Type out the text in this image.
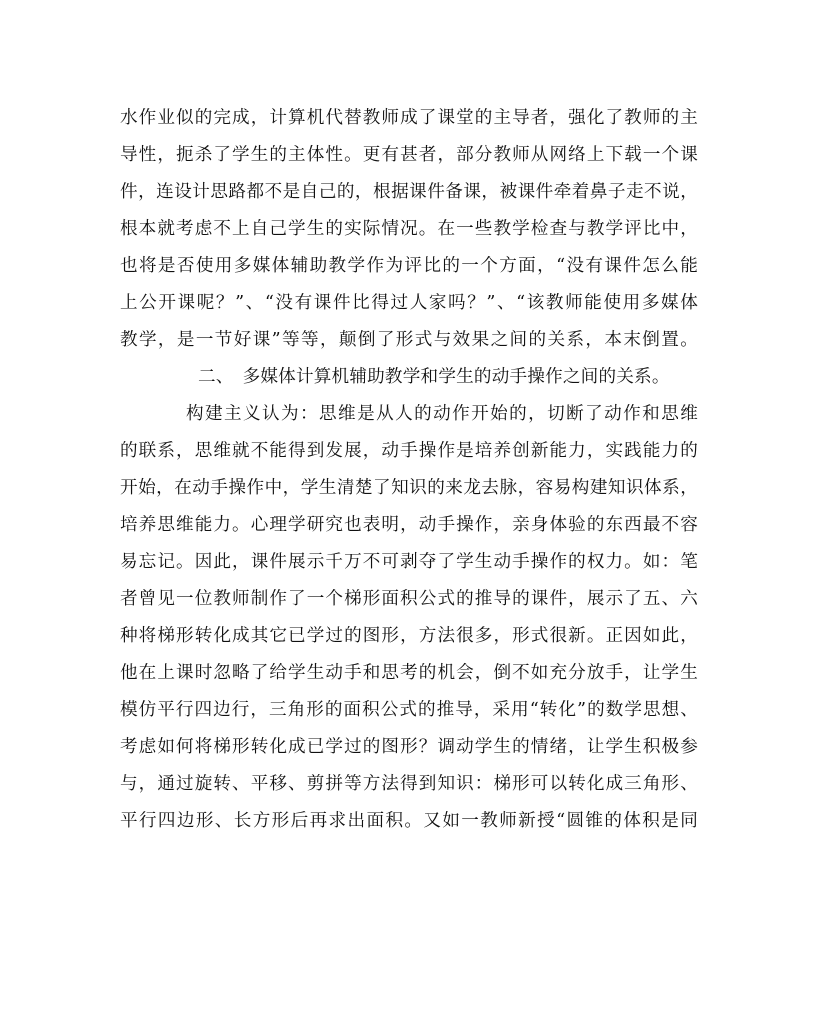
水作业似的完成，计算机代替教师成了课堂的主导者，强化了教师的主
导性，扼杀了学生的主体性。更有甚者，部分教师从网络上下载一个课
件，连设计思路都不是自己的，根据课件备课，被课件牵着鼻子走不说，
根本就考虑不上自己学生的实际情况。在一些教学检查与教学评比中，
也将是否使用多媒体辅助教学作为评比的一个方面，“没有课件怎么能
上公开课呢？”、“没有课件比得过人家吗？”、“该教师能使用多媒体
教学，是一节好课”等等，颠倒了形式与效果之间的关系，本末倒置。
二、　多媒体计算机辅助教学和学生的动手操作之间的关系。
构建主义认为：思维是从人的动作开始的，切断了动作和思维
的联系，思维就不能得到发展，动手操作是培养创新能力，实践能力的
开始，在动手操作中，学生清楚了知识的来龙去脉，容易构建知识体系，
培养思维能力。心理学研究也表明，动手操作，亲身体验的东西最不容
易忘记。因此，课件展示千万不可剥夺了学生动手操作的权力。如：笔
者曾见一位教师制作了一个梯形面积公式的推导的课件，展示了五、六
种将梯形转化成其它已学过的图形，方法很多，形式很新。正因如此，
他在上课时忽略了给学生动手和思考的机会，倒不如充分放手，让学生
模仿平行四边行，三角形的面积公式的推导，采用“转化”的数学思想、
考虑如何将梯形转化成已学过的图形？调动学生的情绪，让学生积极参
与，通过旋转、平移、剪拼等方法得到知识：梯形可以转化成三角形、
平行四边形、长方形后再求出面积。又如一教师新授“圆锥的体积是同
